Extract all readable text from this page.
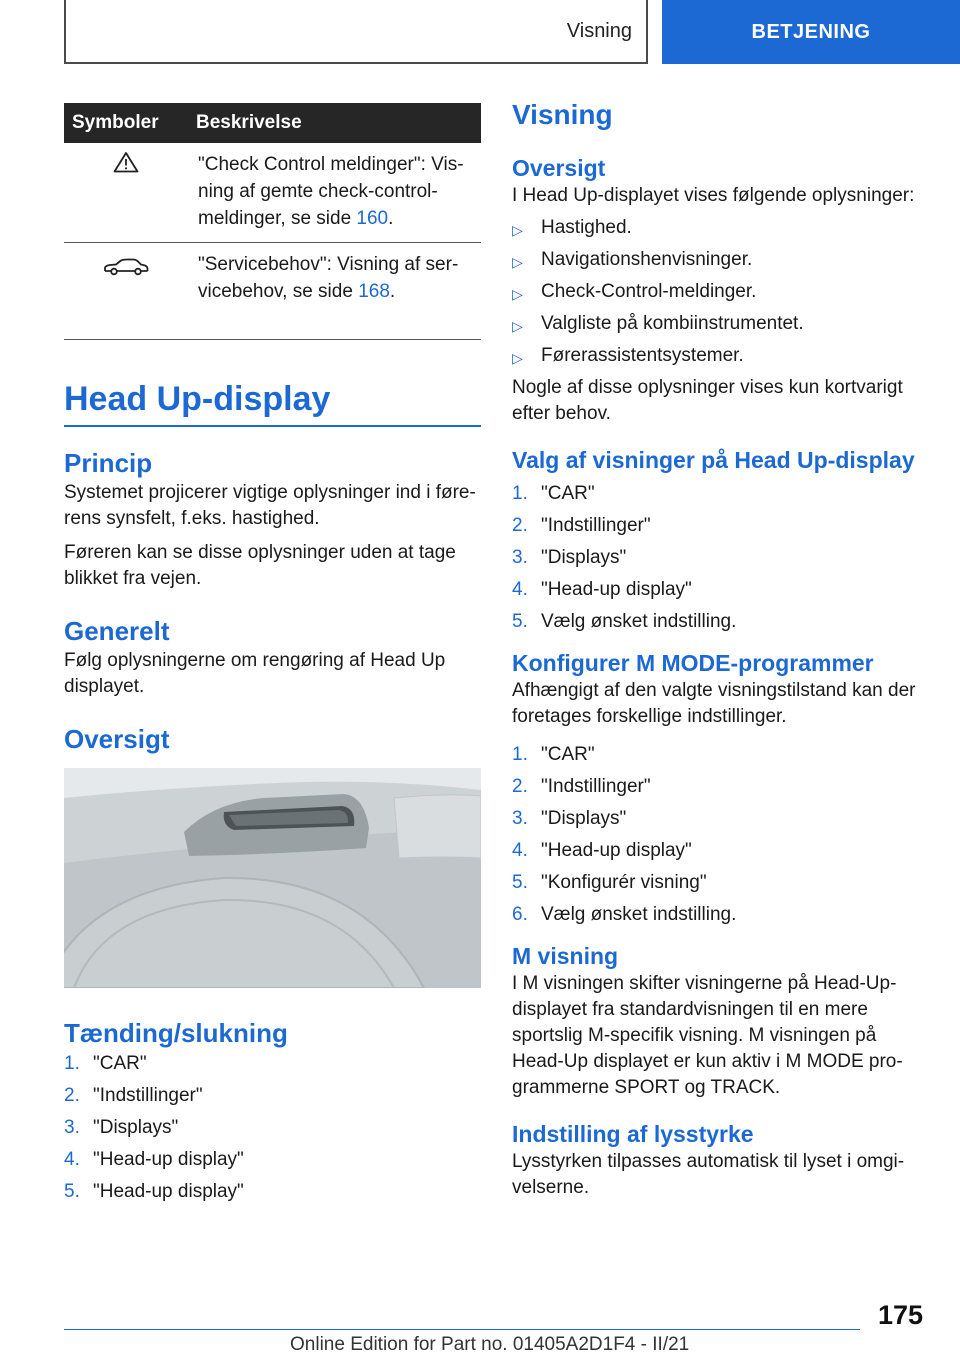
Visning	BETJENING
Symboler	Beskrivelse
	"Check Control meldinger": Vis-ning af gemte check-control-meldinger, se side 160.
	"Servicebehov": Visning af ser-vicebehov, se side 168.
Head Up-display
Princip

Systemet projicerer vigtige oplysninger ind i føre-rens synsfelt, f.eks. hastighed.

Føreren kan se disse oplysninger uden at tage blikket fra vejen.

Generelt

Følg oplysningerne om rengøring af Head Up displayet.

Oversigt
Tænding/slukning
1. "CAR"
2. "Indstillinger"
3. "Displays"
4. "Head-up display"
5. "Head-up display"
Visning
Oversigt

I Head Up-displayet vises følgende oplysninger:

▷ Hastighed.
▷ Navigationshenvisninger.
▷ Check-Control-meldinger.
▷ Valgliste på kombiinstrumentet.
▷ Førerassistentsystemer.

Nogle af disse oplysninger vises kun kortvarigt efter behov.

Valg af visninger på Head Up-display
1. "CAR"
2. "Indstillinger"
3. "Displays"
4. "Head-up display"
5. Vælg ønsket indstilling.
Konfigurer M MODE-programmer

Afhængigt af den valgte visningstilstand kan der foretages forskellige indstillinger.

1. "CAR"
2. "Indstillinger"
3. "Displays"
4. "Head-up display"
5. "Konfigurér visning"
6. Vælg ønsket indstilling.
M visning

I M visningen skifter visningerne på Head-Up-displayet fra standardvisningen til en mere sportslig M-specifik visning. M visningen på Head-Up displayet er kun aktiv i M MODE pro-grammerne SPORT og TRACK.

Indstilling af lysstyrke

Lysstyrken tilpasses automatisk til lyset i omgi-velserne.

175
Online Edition for Part no. 01405A2D1F4 - II/21
